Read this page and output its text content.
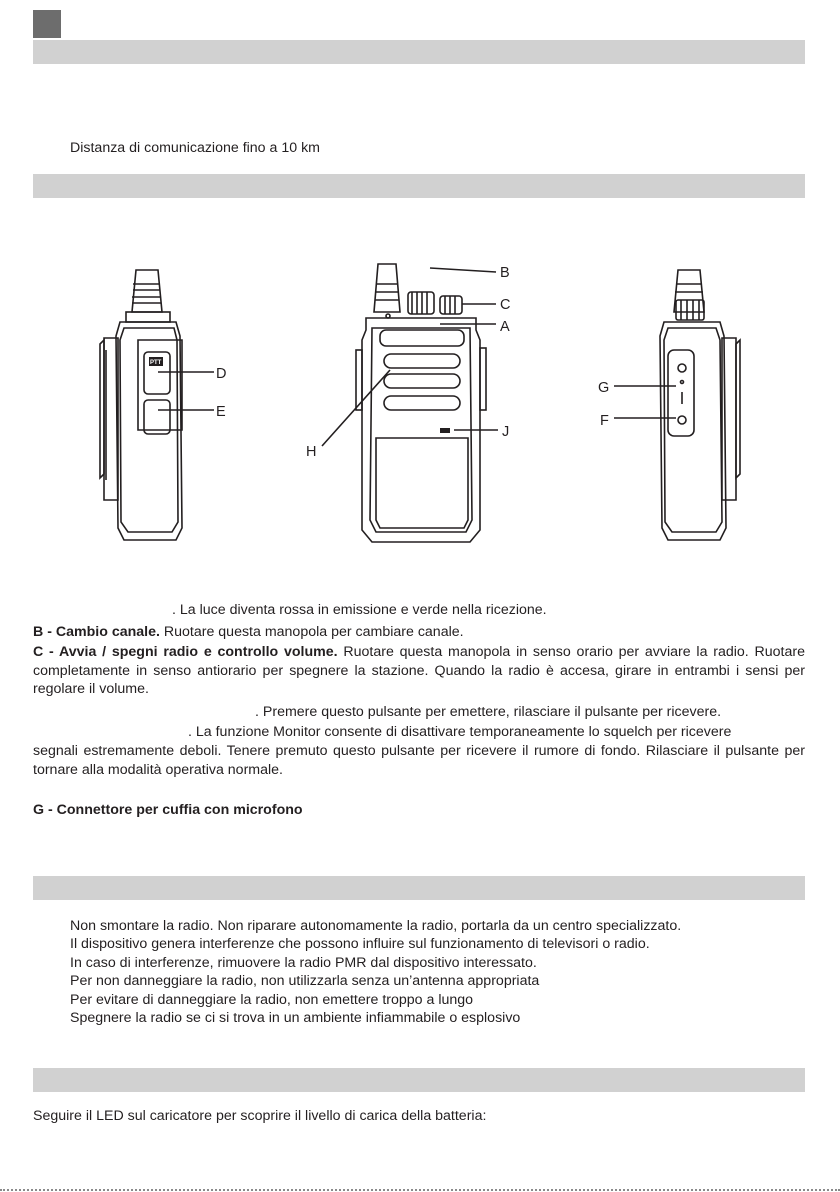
Distanza di comunicazione fino a 10 km

PTT
D
E
B
C
A
J
H
G
F

. La luce diventa rossa in emissione e verde nella ricezione.

B - Cambio canale. Ruotare questa manopola per cambiare canale.

C - Avvia / spegni radio e controllo volume. Ruotare questa manopola in senso orario per avviare la radio. Ruotare completamente in senso antiorario per spegnere la stazione. Quando la radio è accesa, girare in entrambi i sensi per regolare il volume.

. Premere questo pulsante per emettere, rilasciare il pulsante per ricevere.

. La funzione Monitor consente di disattivare temporaneamente lo squelch per ricevere

segnali estremamente deboli. Tenere premuto questo pulsante per ricevere il rumore di fondo. Rilasciare il pulsante per tornare alla modalità operativa normale.

G - Connettore per cuffia con microfono

Non smontare la radio. Non riparare autonomamente la radio, portarla da un centro specializzato.
Il dispositivo genera interferenze che possono influire sul funzionamento di televisori o radio.
In caso di interferenze, rimuovere la radio PMR dal dispositivo interessato.
Per non danneggiare la radio, non utilizzarla senza un’antenna appropriata
Per evitare di danneggiare la radio, non emettere troppo a lungo
Spegnere la radio se ci si trova in un ambiente infiammabile o esplosivo

Seguire il LED sul caricatore per scoprire il livello di carica della batteria:
